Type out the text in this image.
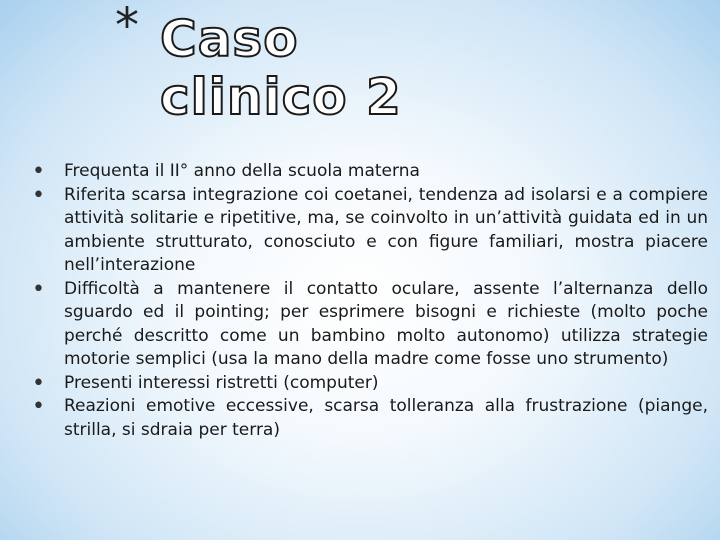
* Caso
clinico 2
• Frequenta il II° anno della scuola materna
• Riferita scarsa integrazione coi coetanei, tendenza ad isolarsi e a compiere attività solitarie e ripetitive, ma, se coinvolto in un’attività guidata ed in un ambiente strutturato, conosciuto e con figure familiari, mostra piacere nell’interazione
• Difficoltà a mantenere il contatto oculare, assente l’alternanza dello sguardo ed il pointing; per esprimere bisogni e richieste (molto poche perché descritto come un bambino molto autonomo) utilizza strategie motorie semplici (usa la mano della madre come fosse uno strumento)
• Presenti interessi ristretti (computer)
• Reazioni emotive eccessive, scarsa tolleranza alla frustrazione (piange, strilla, si sdraia per terra)
